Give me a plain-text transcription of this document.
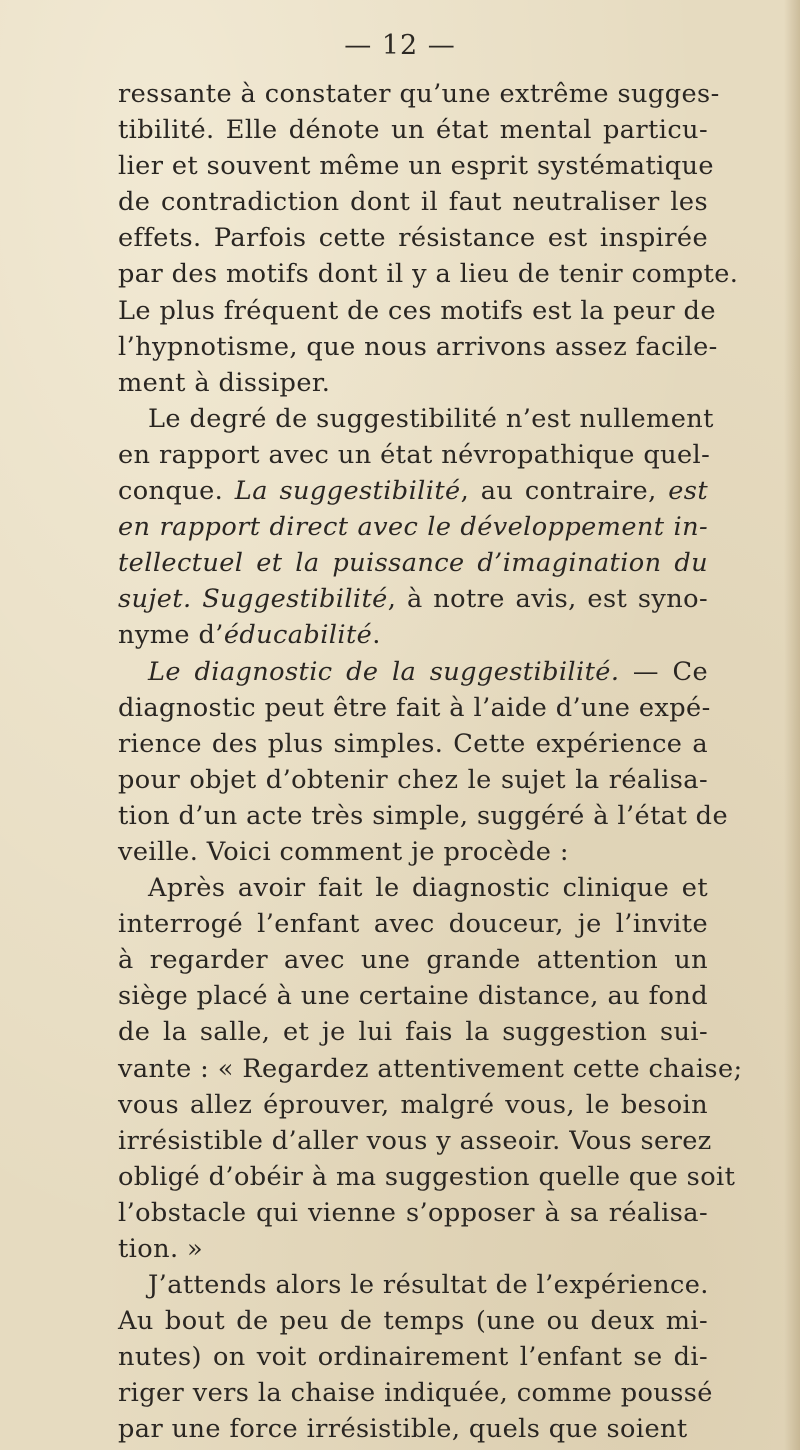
— 12 —
ressante à constater qu’une extrême sugges-
tibilité. Elle dénote un état mental particu-
lier et souvent même un esprit systématique
de contradiction dont il faut neutraliser les
effets. Parfois cette résistance est inspirée
par des motifs dont il y a lieu de tenir compte.
Le plus fréquent de ces motifs est la peur de
l’hypnotisme, que nous arrivons assez facile-
ment à dissiper.
Le degré de suggestibilité n’est nullement
en rapport avec un état névropathique quel-
conque. La suggestibilité, au contraire, est
en rapport direct avec le développement in-
tellectuel et la puissance d’imagination du
sujet. Suggestibilité, à notre avis, est syno-
nyme d’éducabilité.
Le diagnostic de la suggestibilité. — Ce
diagnostic peut être fait à l’aide d’une expé-
rience des plus simples. Cette expérience a
pour objet d’obtenir chez le sujet la réalisa-
tion d’un acte très simple, suggéré à l’état de
veille. Voici comment je procède :
Après avoir fait le diagnostic clinique et
interrogé l’enfant avec douceur, je l’invite
à regarder avec une grande attention un
siège placé à une certaine distance, au fond
de la salle, et je lui fais la suggestion sui-
vante : « Regardez attentivement cette chaise;
vous allez éprouver, malgré vous, le besoin
irrésistible d’aller vous y asseoir. Vous serez
obligé d’obéir à ma suggestion quelle que soit
l’obstacle qui vienne s’opposer à sa réalisa-
tion. »
J’attends alors le résultat de l’expérience.
Au bout de peu de temps (une ou deux mi-
nutes) on voit ordinairement l’enfant se di-
riger vers la chaise indiquée, comme poussé
par une force irrésistible, quels que soient
